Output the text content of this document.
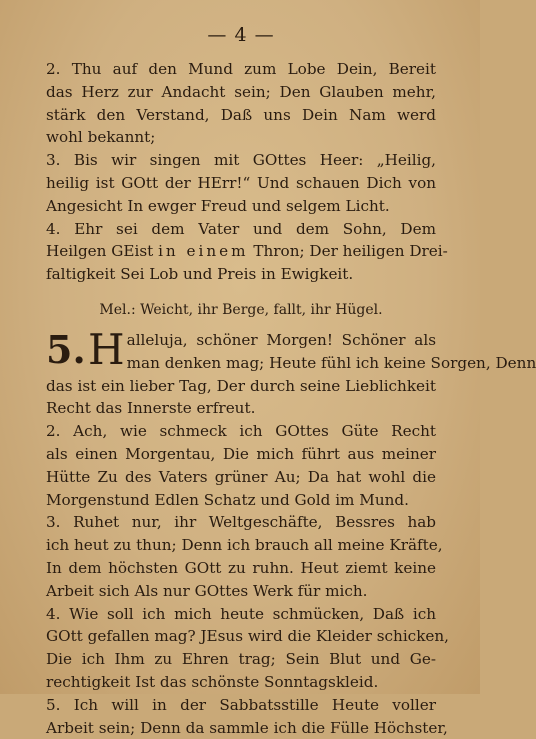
— 4 —
2. Thu auf den Mund zum Lobe Dein, Bereit
das Herz zur Andacht sein; Den Glauben mehr,
stärk den Verstand, Daß uns Dein Nam werd
wohl bekannt;
3. Bis wir singen mit GOttes Heer: „Heilig,
heilig ist GOtt der HErr!“ Und schauen Dich von
Angesicht In ewger Freud und selgem Licht.
4. Ehr sei dem Vater und dem Sohn, Dem
Heilgen GEist in einem Thron; Der heiligen Drei-
faltigkeit Sei Lob und Preis in Ewigkeit.
Mel.: Weicht, ihr Berge, fallt, ihr Hügel.
5. H alleluja, schöner Morgen! Schöner als
man denken mag; Heute fühl ich keine Sorgen, Denn
das ist ein lieber Tag, Der durch seine Lieblichkeit
Recht das Innerste erfreut.
2. Ach, wie schmeck ich GOttes Güte Recht
als einen Morgentau, Die mich führt aus meiner
Hütte Zu des Vaters grüner Au; Da hat wohl die
Morgenstund Edlen Schatz und Gold im Mund.
3. Ruhet nur, ihr Weltgeschäfte, Bessres hab
ich heut zu thun; Denn ich brauch all meine Kräfte,
In dem höchsten GOtt zu ruhn. Heut ziemt keine
Arbeit sich Als nur GOttes Werk für mich.
4. Wie soll ich mich heute schmücken, Daß ich
GOtt gefallen mag? JEsus wird die Kleider schicken,
Die ich Ihm zu Ehren trag; Sein Blut und Ge-
rechtigkeit Ist das schönste Sonntagskleid.
5. Ich will in der Sabbatsstille Heute voller
Arbeit sein; Denn da sammle ich die Fülle Höchster,
